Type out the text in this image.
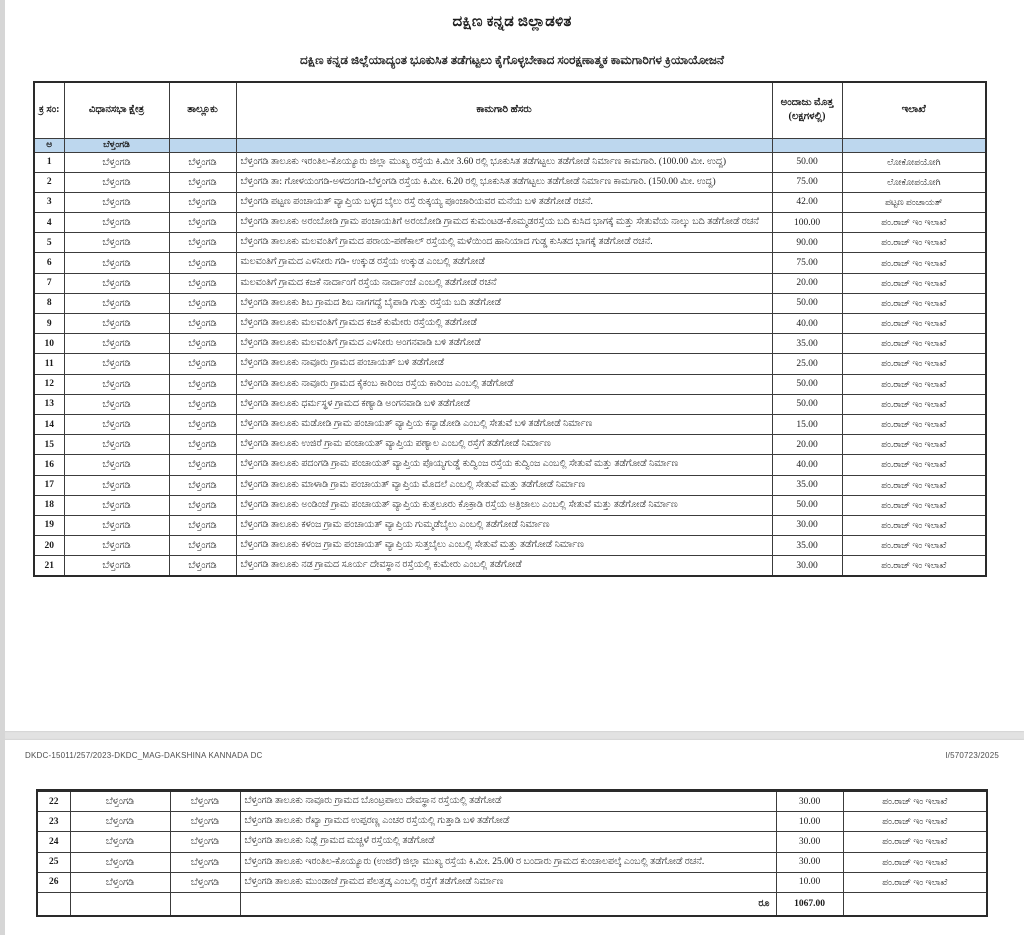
ದಕ್ಷಿಣ ಕನ್ನಡ ಜಿಲ್ಲಾಡಳಿತ
ದಕ್ಷಿಣ ಕನ್ನಡ ಜಿಲ್ಲೆಯಾದ್ಯಂತ ಭೂಕುಸಿತ ತಡೆಗಟ್ಟಲು ಕೈಗೊಳ್ಳಬೇಕಾದ ಸಂರಕ್ಷಣಾತ್ಮಕ ಕಾಮಗಾರಿಗಳ ಕ್ರಿಯಾಯೋಜನೆ
ಕ್ರ ಸಂ:	ವಿಧಾನಸಭಾ ಕ್ಷೇತ್ರ	ತಾಲ್ಲೂಕು	ಕಾಮಗಾರಿ ಹೆಸರು	ಅಂದಾಜು ಮೊತ್ತ (ಲಕ್ಷಗಳಲ್ಲಿ)	ಇಲಾಖೆ
ಅ	ಬೆಳ್ತಂಗಡಿ				
1	ಬೆಳ್ತಂಗಡಿ	ಬೆಳ್ತಂಗಡಿ	ಬೆಳ್ತಂಗಡಿ ತಾಲೂಕು ಇರಂತಿಲ-ಕೊಯ್ಯೂರು ಜಿಲ್ಲಾ ಮುಖ್ಯ ರಸ್ತೆಯ ಕಿ.ಮೀ 3.60 ರಲ್ಲಿ ಭೂಕುಸಿತ ತಡೆಗಟ್ಟಲು ತಡೆಗೋಡೆ ನಿರ್ಮಾಣ ಕಾಮಗಾರಿ. (100.00 ಮೀ. ಉದ್ದ)	50.00	ಲೋಕೋಪಯೋಗಿ
2	ಬೆಳ್ತಂಗಡಿ	ಬೆಳ್ತಂಗಡಿ	ಬೆಳ್ತಂಗಡಿ ತಾ: ಗೋಳಯಂಗಡಿ-ಅಳದಂಗಡಿ-ಬೆಳ್ತಂಗಡಿ ರಸ್ತೆಯ ಕಿ.ಮೀ. 6.20 ರಲ್ಲಿ ಭೂಕುಸಿತ ತಡೆಗಟ್ಟಲು ತಡೆಗೋಡೆ ನಿರ್ಮಾಣ ಕಾಮಗಾರಿ. (150.00 ಮೀ. ಉದ್ದ)	75.00	ಲೋಕೋಪಯೋಗಿ
3	ಬೆಳ್ತಂಗಡಿ	ಬೆಳ್ತಂಗಡಿ	ಬೆಳ್ತಂಗಡಿ ಪಟ್ಟಣ ಪಂಚಾಯತ್ ವ್ಯಾಪ್ತಿಯ ಬಳ್ಳದ ಬೈಲು ರಸ್ತೆ ರುಕ್ಕಯ್ಯ ಪೂಂಜಾರಿಯವರ ಮನೆಯ ಬಳಿ ತಡೆಗೋಡೆ ರಚನೆ.	42.00	ಪಟ್ಟಣ ಪಂಚಾಯತ್
4	ಬೆಳ್ತಂಗಡಿ	ಬೆಳ್ತಂಗಡಿ	ಬೆಳ್ತಂಗಡಿ ತಾಲೂಕು ಅರಂಬೋಡಿ ಗ್ರಾಮ ಪಂಚಾಯತಿಗೆ ಅರಂಬೋಡಿ ಗ್ರಾಮದ ಕುಮಂಟಡ-ಕೊಮ್ಮಡರಸ್ತೆಯ ಬದಿ ಕುಸಿದ ಭಾಗಕ್ಕೆ ಮತ್ತು ಸೇತುವೆಯ ನಾಲ್ಕು ಬದಿ ತಡೆಗೋಡೆ ರಚನೆ	100.00	ಪಂ.ರಾಜ್ ಇಂ ಇಲಾಖೆ
5	ಬೆಳ್ತಂಗಡಿ	ಬೆಳ್ತಂಗಡಿ	ಬೆಳ್ತಂಗಡಿ ತಾಲೂಕು ಮಲವಂತಿಗೆ ಗ್ರಾಮದ ಪರಾಯ-ಪಣೆಕಾಲ್ ರಸ್ತೆಯಲ್ಲಿ ಮಳೆಯಿಂದ ಹಾನಿಯಾದ ಗುಡ್ಡ ಕುಸಿತದ ಭಾಗಕ್ಕೆ ತಡೆಗೋಡೆ ರಚನೆ.	90.00	ಪಂ.ರಾಜ್ ಇಂ ಇಲಾಖೆ
6	ಬೆಳ್ತಂಗಡಿ	ಬೆಳ್ತಂಗಡಿ	ಮಲವಂತಿಗೆ ಗ್ರಾಮದ ಎಳನೀರು ಗಡಿ- ಉಕ್ಕುಡ ರಸ್ತೆಯ ಉಕ್ಕುಡ ಎಂಬಲ್ಲಿ ತಡೆಗೋಡೆ	75.00	ಪಂ.ರಾಜ್ ಇಂ ಇಲಾಖೆ
7	ಬೆಳ್ತಂಗಡಿ	ಬೆಳ್ತಂಗಡಿ	ಮಲವಂತಿಗೆ ಗ್ರಾಮದ ಕಜಕೆ ನಾರ್ದಾಂಗೆ ರಸ್ತೆಯ ನಾರ್ದಾಂಜೆ ಎಂಬಲ್ಲಿ ತಡೆಗೋಡೆ ರಚನೆ	20.00	ಪಂ.ರಾಜ್ ಇಂ ಇಲಾಖೆ
8	ಬೆಳ್ತಂಗಡಿ	ಬೆಳ್ತಂಗಡಿ	ಬೆಳ್ತಂಗಡಿ ತಾಲೂಕು ಶಿಬ ಗ್ರಾಮದ ಶಿಬ ನಾಗಗದ್ದೆ ಬೈಪಾಡಿ ಗುತ್ತು ರಸ್ತೆಯ ಬದಿ ತಡೆಗೋಡೆ	50.00	ಪಂ.ರಾಜ್ ಇಂ ಇಲಾಖೆ
9	ಬೆಳ್ತಂಗಡಿ	ಬೆಳ್ತಂಗಡಿ	ಬೆಳ್ತಂಗಡಿ ತಾಲೂಕು ಮಲವಂತಿಗೆ ಗ್ರಾಮದ ಕಜಕೆ ಕುಮೇರು ರಸ್ತೆಯಲ್ಲಿ ತಡೆಗೋಡೆ	40.00	ಪಂ.ರಾಜ್ ಇಂ ಇಲಾಖೆ
10	ಬೆಳ್ತಂಗಡಿ	ಬೆಳ್ತಂಗಡಿ	ಬೆಳ್ತಂಗಡಿ ತಾಲೂಕು ಮಲವಂತಿಗೆ ಗ್ರಾಮದ ಎಳನೀರು ಅಂಗನವಾಡಿ ಬಳಿ ತಡೆಗೋಡೆ	35.00	ಪಂ.ರಾಜ್ ಇಂ ಇಲಾಖೆ
11	ಬೆಳ್ತಂಗಡಿ	ಬೆಳ್ತಂಗಡಿ	ಬೆಳ್ತಂಗಡಿ ತಾಲೂಕು ನಾವೂರು ಗ್ರಾಮದ ಪಂಚಾಯತ್ ಬಳಿ ತಡೆಗೋಡೆ	25.00	ಪಂ.ರಾಜ್ ಇಂ ಇಲಾಖೆ
12	ಬೆಳ್ತಂಗಡಿ	ಬೆಳ್ತಂಗಡಿ	ಬೆಳ್ತಂಗಡಿ ತಾಲೂಕು ನಾವೂರು ಗ್ರಾಮದ ಕೈಕಂಬ ಕಾರಿಂಜ ರಸ್ತೆಯ ಕಾರಿಂಜ ಎಂಬಲ್ಲಿ ತಡೆಗೋಡೆ	50.00	ಪಂ.ರಾಜ್ ಇಂ ಇಲಾಖೆ
13	ಬೆಳ್ತಂಗಡಿ	ಬೆಳ್ತಂಗಡಿ	ಬೆಳ್ತಂಗಡಿ ತಾಲೂಕು ಧರ್ಮಸ್ಥಳ ಗ್ರಾಮದ ಕಣ್ಯಾಡಿ ಅಂಗನವಾಡಿ ಬಳಿ ತಡೆಗೋಡೆ	50.00	ಪಂ.ರಾಜ್ ಇಂ ಇಲಾಖೆ
14	ಬೆಳ್ತಂಗಡಿ	ಬೆಳ್ತಂಗಡಿ	ಬೆಳ್ತಂಗಡಿ ತಾಲೂಕು ಮಡೋಡಿ ಗ್ರಾಮ ಪಂಚಾಯತ್ ವ್ಯಾಪ್ತಿಯ ಕನ್ಯಾಡೋಡಿ ಎಂಬಲ್ಲಿ ಸೇತುವೆ ಬಳಿ ತಡೆಗೋಡೆ ನಿರ್ಮಾಣ	15.00	ಪಂ.ರಾಜ್ ಇಂ ಇಲಾಖೆ
15	ಬೆಳ್ತಂಗಡಿ	ಬೆಳ್ತಂಗಡಿ	ಬೆಳ್ತಂಗಡಿ ತಾಲೂಕು ಉಜಿರೆ ಗ್ರಾಮ ಪಂಚಾಯತ್ ವ್ಯಾಪ್ತಿಯ ಪಣ್ಯಾಲ ಎಂಬಲ್ಲಿ ರಸ್ತೆಗೆ ತಡೆಗೋಡೆ ನಿರ್ಮಾಣ	20.00	ಪಂ.ರಾಜ್ ಇಂ ಇಲಾಖೆ
16	ಬೆಳ್ತಂಗಡಿ	ಬೆಳ್ತಂಗಡಿ	ಬೆಳ್ತಂಗಡಿ ತಾಲೂಕು ಪದಂಗಡಿ ಗ್ರಾಮ ಪಂಚಾಯತ್ ವ್ಯಾಪ್ತಿಯ ಪೊಯ್ಯಗುಡ್ಡೆ ಕುದ್ವಿಂಜ ರಸ್ತೆಯ ಕುದ್ವಿಂಜ ಎಂಬಲ್ಲಿ ಸೇತುವೆ ಮತ್ತು ತಡೆಗೋಡೆ ನಿರ್ಮಾಣ	40.00	ಪಂ.ರಾಜ್ ಇಂ ಇಲಾಖೆ
17	ಬೆಳ್ತಂಗಡಿ	ಬೆಳ್ತಂಗಡಿ	ಬೆಳ್ತಂಗಡಿ ತಾಲೂಕು ಮಾಳಾಡಿ ಗ್ರಾಮ ಪಂಚಾಯತ್ ವ್ಯಾಪ್ತಿಯ ಮೊದಲೆ ಎಂಬಲ್ಲಿ ಸೇತುವೆ ಮತ್ತು ತಡೆಗೋಡೆ ನಿರ್ಮಾಣ	35.00	ಪಂ.ರಾಜ್ ಇಂ ಇಲಾಖೆ
18	ಬೆಳ್ತಂಗಡಿ	ಬೆಳ್ತಂಗಡಿ	ಬೆಳ್ತಂಗಡಿ ತಾಲೂಕು ಅಂಡಿಂಜೆ ಗ್ರಾಮ ಪಂಚಾಯತ್ ವ್ಯಾಪ್ತಿಯ ಕುತ್ತಲೂರು ಕೊಕ್ರಾಡಿ ರಸ್ತೆಯ ಅತ್ರಿಜಾಲು ಎಂಬಲ್ಲಿ ಸೇತುವೆ ಮತ್ತು ತಡೆಗೋಡೆ ನಿರ್ಮಾಣ	50.00	ಪಂ.ರಾಜ್ ಇಂ ಇಲಾಖೆ
19	ಬೆಳ್ತಂಗಡಿ	ಬೆಳ್ತಂಗಡಿ	ಬೆಳ್ತಂಗಡಿ ತಾಲೂಕು ಕಳಂಜ ಗ್ರಾಮ ಪಂಚಾಯತ್ ವ್ಯಾಪ್ತಿಯ ಗುಮ್ಮಡೆಬೈಲು ಎಂಬಲ್ಲಿ ತಡೆಗೋಡೆ ನಿರ್ಮಾಣ	30.00	ಪಂ.ರಾಜ್ ಇಂ ಇಲಾಖೆ
20	ಬೆಳ್ತಂಗಡಿ	ಬೆಳ್ತಂಗಡಿ	ಬೆಳ್ತಂಗಡಿ ತಾಲೂಕು ಕಳಂಜ ಗ್ರಾಮ ಪಂಚಾಯತ್ ವ್ಯಾಪ್ತಿಯ ಸುತ್ತಬೈಲು ಎಂಬಲ್ಲಿ ಸೇತುವೆ ಮತ್ತು ತಡೆಗೋಡೆ ನಿರ್ಮಾಣ	35.00	ಪಂ.ರಾಜ್ ಇಂ ಇಲಾಖೆ
21	ಬೆಳ್ತಂಗಡಿ	ಬೆಳ್ತಂಗಡಿ	ಬೆಳ್ತಂಗಡಿ ತಾಲೂಕು ನಡ ಗ್ರಾಮದ ಸೂರ್ಯ ದೇವಸ್ಥಾನ ರಸ್ತೆಯಲ್ಲಿ ಕುಮೇರು ಎಂಬಲ್ಲಿ ತಡೆಗೋಡೆ	30.00	ಪಂ.ರಾಜ್ ಇಂ ಇಲಾಖೆ
DKDC-15011/257/2023-DKDC_MAG-DAKSHINA KANNADA DC	I/570723/2025
22	ಬೆಳ್ತಂಗಡಿ	ಬೆಳ್ತಂಗಡಿ	ಬೆಳ್ತಂಗಡಿ ತಾಲೂಕು ನಾವೂರು ಗ್ರಾಮದ ಬೊಂಟ್ರಪಾಲು ದೇವಸ್ಥಾನ ರಸ್ತೆಯಲ್ಲಿ ತಡೆಗೋಡೆ	30.00	ಪಂ.ರಾಜ್ ಇಂ ಇಲಾಖೆ
23	ಬೆಳ್ತಂಗಡಿ	ಬೆಳ್ತಂಗಡಿ	ಬೆಳ್ತಂಗಡಿ ತಾಲೂಕು ರೆಖ್ಯಾ ಗ್ರಾಮದ ಉಪ್ಪರಣ್ಣ ಎಂಚರ ರಸ್ತೆಯಲ್ಲಿ ಗುತ್ತಾಡಿ ಬಳಿ ತಡೆಗೋಡೆ	10.00	ಪಂ.ರಾಜ್ ಇಂ ಇಲಾಖೆ
24	ಬೆಳ್ತಂಗಡಿ	ಬೆಳ್ತಂಗಡಿ	ಬೆಳ್ತಂಗಡಿ ತಾಲೂಕು ನಿಡ್ಲೆ ಗ್ರಾಮದ ಮಚ್ಚಳೆ ರಸ್ತೆಯಲ್ಲಿ ತಡೆಗೋಡೆ	30.00	ಪಂ.ರಾಜ್ ಇಂ ಇಲಾಖೆ
25	ಬೆಳ್ತಂಗಡಿ	ಬೆಳ್ತಂಗಡಿ	ಬೆಳ್ತಂಗಡಿ ತಾಲೂಕು ಇರಂತಿಲ-ಕೊಯ್ಯೂರು (ಉಜಿರೆ) ಜಿಲ್ಲಾ ಮುಖ್ಯ ರಸ್ತೆಯ ಕಿ.ಮೀ. 25.00 ರ ಬಂದಾರು ಗ್ರಾಮದ ಕುಂಚಾಲಪಲ್ಕೆ ಎಂಬಲ್ಲಿ ತಡೆಗೋಡೆ ರಚನೆ.	30.00	ಪಂ.ರಾಜ್ ಇಂ ಇಲಾಖೆ
26	ಬೆಳ್ತಂಗಡಿ	ಬೆಳ್ತಂಗಡಿ	ಬೆಳ್ತಂಗಡಿ ತಾಲೂಕು ಮುಂಡಾಜೆ ಗ್ರಾಮದ ಪೆಲತ್ತಡ್ಕ ಎಂಬಲ್ಲಿ ರಸ್ತೆಗೆ ತಡೆಗೋಡೆ ನಿರ್ಮಾಣ	10.00	ಪಂ.ರಾಜ್ ಇಂ ಇಲಾಖೆ
			ರೂ	1067.00	
